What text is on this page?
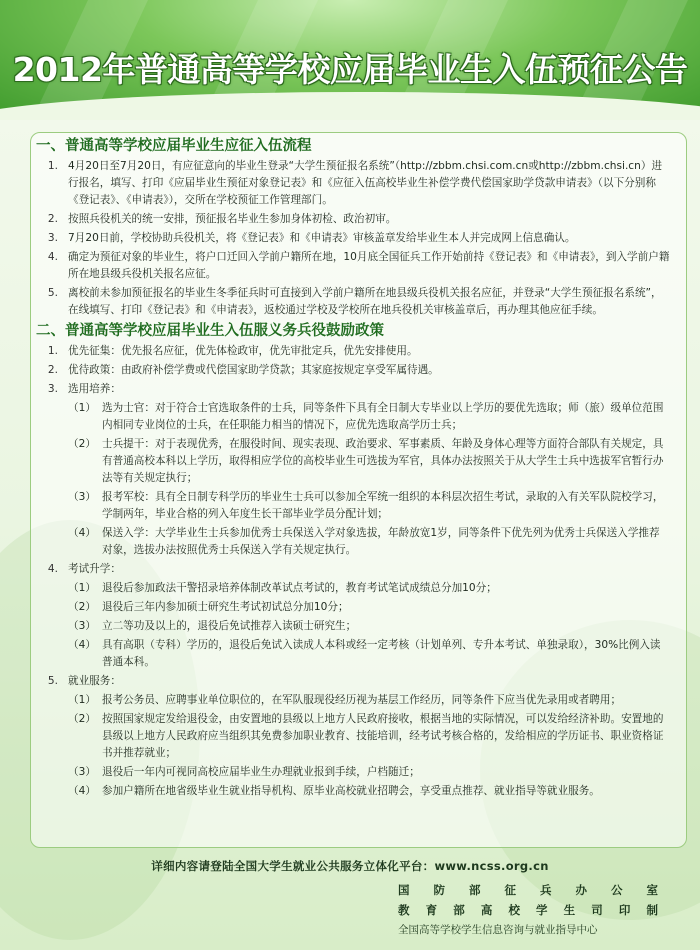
2012年普通高等学校应届毕业生入伍预征公告
一、普通高等学校应届毕业生应征入伍流程
1. 4月20日至7月20日，有应征意向的毕业生登录“大学生预征报名系统”（http://zbbm.chsi.com.cn或http://zbbm.chsi.cn）进行报名，填写、打印《应届毕业生预征对象登记表》和《应征入伍高校毕业生补偿学费代偿国家助学贷款申请表》（以下分别称《登记表》、《申请表》），交所在学校预征工作管理部门。
2. 按照兵役机关的统一安排，预征报名毕业生参加身体初检、政治初审。
3. 7月20日前，学校协助兵役机关，将《登记表》和《申请表》审核盖章发给毕业生本人并完成网上信息确认。
4. 确定为预征对象的毕业生，将户口迁回入学前户籍所在地，10月底全国征兵工作开始前持《登记表》和《申请表》，到入学前户籍所在地县级兵役机关报名应征。
5. 离校前未参加预征报名的毕业生冬季征兵时可直接到入学前户籍所在地县级兵役机关报名应征，并登录“大学生预征报名系统”，在线填写、打印《登记表》和《申请表》，返校通过学校及学校所在地兵役机关审核盖章后，再办理其他应征手续。
二、普通高等学校应届毕业生入伍服义务兵役鼓励政策
1. 优先征集：优先报名应征，优先体检政审，优先审批定兵，优先安排使用。
2. 优待政策：由政府补偿学费或代偿国家助学贷款；其家庭按规定享受军属待遇。
3. 选用培养：
（1） 选为士官：对于符合士官选取条件的士兵，同等条件下具有全日制大专毕业以上学历的要优先选取；师（旅）级单位范围内相同专业岗位的士兵，在任职能力相当的情况下，应优先选取高学历士兵；
（2） 士兵提干：对于表现优秀，在服役时间、现实表现、政治要求、军事素质、年龄及身体心理等方面符合部队有关规定，具有普通高校本科以上学历，取得相应学位的高校毕业生可选拔为军官，具体办法按照关于从大学生士兵中选拔军官暂行办法等有关规定执行；
（3） 报考军校：具有全日制专科学历的毕业生士兵可以参加全军统一组织的本科层次招生考试，录取的入有关军队院校学习，学制两年，毕业合格的列入年度生长干部毕业学员分配计划；
（4） 保送入学：大学毕业生士兵参加优秀士兵保送入学对象选拔，年龄放宽1岁，同等条件下优先列为优秀士兵保送入学推荐对象，选拔办法按照优秀士兵保送入学有关规定执行。
4. 考试升学：
（1） 退役后参加政法干警招录培养体制改革试点考试的，教育考试笔试成绩总分加10分；
（2） 退役后三年内参加硕士研究生考试初试总分加10分；
（3） 立二等功及以上的，退役后免试推荐入读硕士研究生；
（4） 具有高职（专科）学历的，退役后免试入读成人本科或经一定考核（计划单列、专升本考试、单独录取），30%比例入读普通本科。
5. 就业服务：
（1） 报考公务员、应聘事业单位职位的，在军队服现役经历视为基层工作经历，同等条件下应当优先录用或者聘用；
（2） 按照国家规定发给退役金，由安置地的县级以上地方人民政府接收，根据当地的实际情况，可以发给经济补助。安置地的县级以上地方人民政府应当组织其免费参加职业教育、技能培训，经考试考核合格的，发给相应的学历证书、职业资格证书并推荐就业；
（3） 退役后一年内可视同高校应届毕业生办理就业报到手续，户档随迁；
（4） 参加户籍所在地省级毕业生就业指导机构、原毕业高校就业招聘会，享受重点推荐、就业指导等就业服务。
详细内容请登陆全国大学生就业公共服务立体化平台：www.ncss.org.cn
国防部征兵办公室
教育部高校学生司印制
全国高等学校学生信息咨询与就业指导中心
